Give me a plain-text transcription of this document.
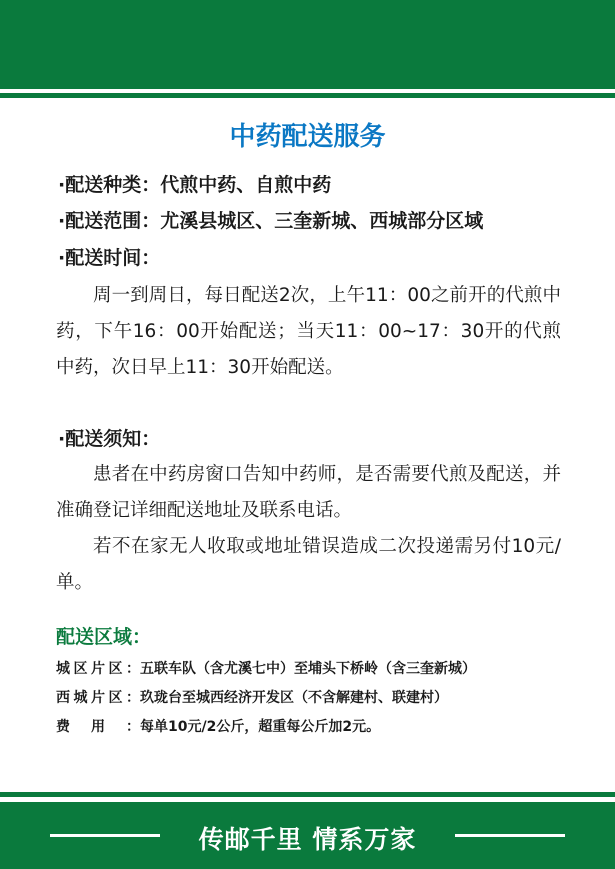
中药配送服务
·配送种类：代煎中药、自煎中药
·配送范围：尤溪县城区、三奎新城、西城部分区域
·配送时间：
周一到周日，每日配送2次，上午11：00之前开的代煎中药，下午16：00开始配送；当天11：00~17：30开的代煎中药，次日早上11：30开始配送。
·配送须知：
患者在中药房窗口告知中药师，是否需要代煎及配送，并准确登记详细配送地址及联系电话。
若不在家无人收取或地址错误造成二次投递需另付10元/单。
配送区域：
城区片区：五联车队（含尤溪七中）至埔头下桥岭（含三奎新城）
西城片区：玖珑台至城西经济开发区（不含解建村、联建村）
费用：每单10元/2公斤，超重每公斤加2元。
传邮千里 情系万家
